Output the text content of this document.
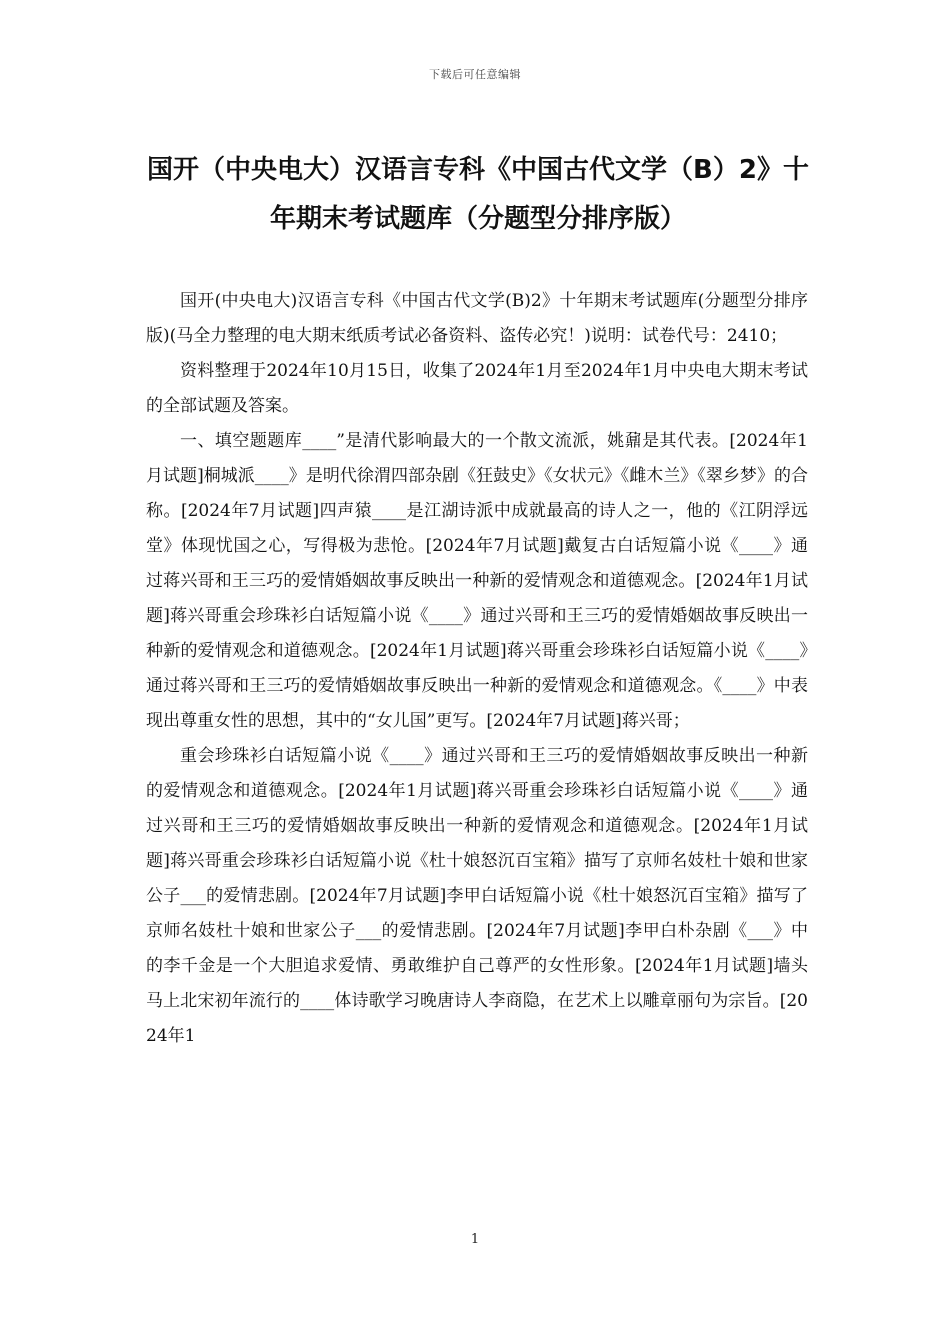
下载后可任意编辑
国开（中央电大）汉语言专科《中国古代文学（B）2》十年期末考试题库（分题型分排序版）

国开(中央电大)汉语言专科《中国古代文学(B)2》十年期末考试题库(分题型分排序版)(马全力整理的电大期末纸质考试必备资料、盗传必究！)说明：试卷代号：2410；

资料整理于2024年10月15日，收集了2024年1月至2024年1月中央电大期末考试的全部试题及答案。

一、填空题题库____”是清代影响最大的一个散文流派，姚鼐是其代表。[2024年1月试题]桐城派____》是明代徐渭四部杂剧《狂鼓史》《女状元》《雌木兰》《翠乡梦》的合称。[2024年7月试题]四声猿____是江湖诗派中成就最高的诗人之一，他的《江阴浮远堂》体现忧国之心，写得极为悲怆。[2024年7月试题]戴复古白话短篇小说《____》通过蒋兴哥和王三巧的爱情婚姻故事反映出一种新的爱情观念和道德观念。[2024年1月试题]蒋兴哥重会珍珠衫白话短篇小说《____》通过兴哥和王三巧的爱情婚姻故事反映出一种新的爱情观念和道德观念。[2024年1月试题]蒋兴哥重会珍珠衫白话短篇小说《____》通过蒋兴哥和王三巧的爱情婚姻故事反映出一种新的爱情观念和道德观念。《____》中表现出尊重女性的思想，其中的“女儿国”更写。[2024年7月试题]蒋兴哥；

重会珍珠衫白话短篇小说《____》通过兴哥和王三巧的爱情婚姻故事反映出一种新的爱情观念和道德观念。[2024年1月试题]蒋兴哥重会珍珠衫白话短篇小说《____》通过兴哥和王三巧的爱情婚姻故事反映出一种新的爱情观念和道德观念。[2024年1月试题]蒋兴哥重会珍珠衫白话短篇小说《杜十娘怒沉百宝箱》描写了京师名妓杜十娘和世家公子___的爱情悲剧。[2024年7月试题]李甲白话短篇小说《杜十娘怒沉百宝箱》描写了京师名妓杜十娘和世家公子___的爱情悲剧。[2024年7月试题]李甲白朴杂剧《___》中的李千金是一个大胆追求爱情、勇敢维护自己尊严的女性形象。[2024年1月试题]墙头马上北宋初年流行的____体诗歌学习晚唐诗人李商隐，在艺术上以雕章丽句为宗旨。[2024年1

1
